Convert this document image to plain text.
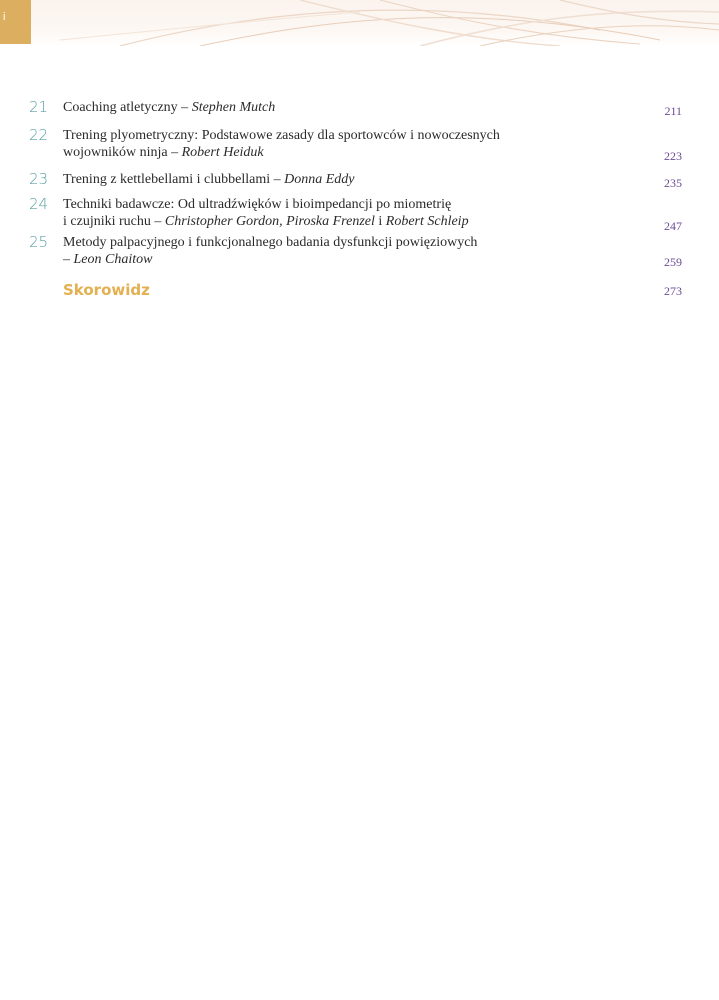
i
21 Coaching atletyczny – Stephen Mutch	211
22 Trening plyometryczny: Podstawowe zasady dla sportowców i nowoczesnych
wojowników ninja – Robert Heiduk	223
23 Trening z kettlebellami i clubbellami – Donna Eddy	235
24 Techniki badawcze: Od ultradźwięków i bioimpedancji po miometrię
i czujniki ruchu – Christopher Gordon, Piroska Frenzel i Robert Schleip	247
25 Metody palpacyjnego i funkcjonalnego badania dysfunkcji powięziowych
– Leon Chaitow	259
Skorowidz	273
